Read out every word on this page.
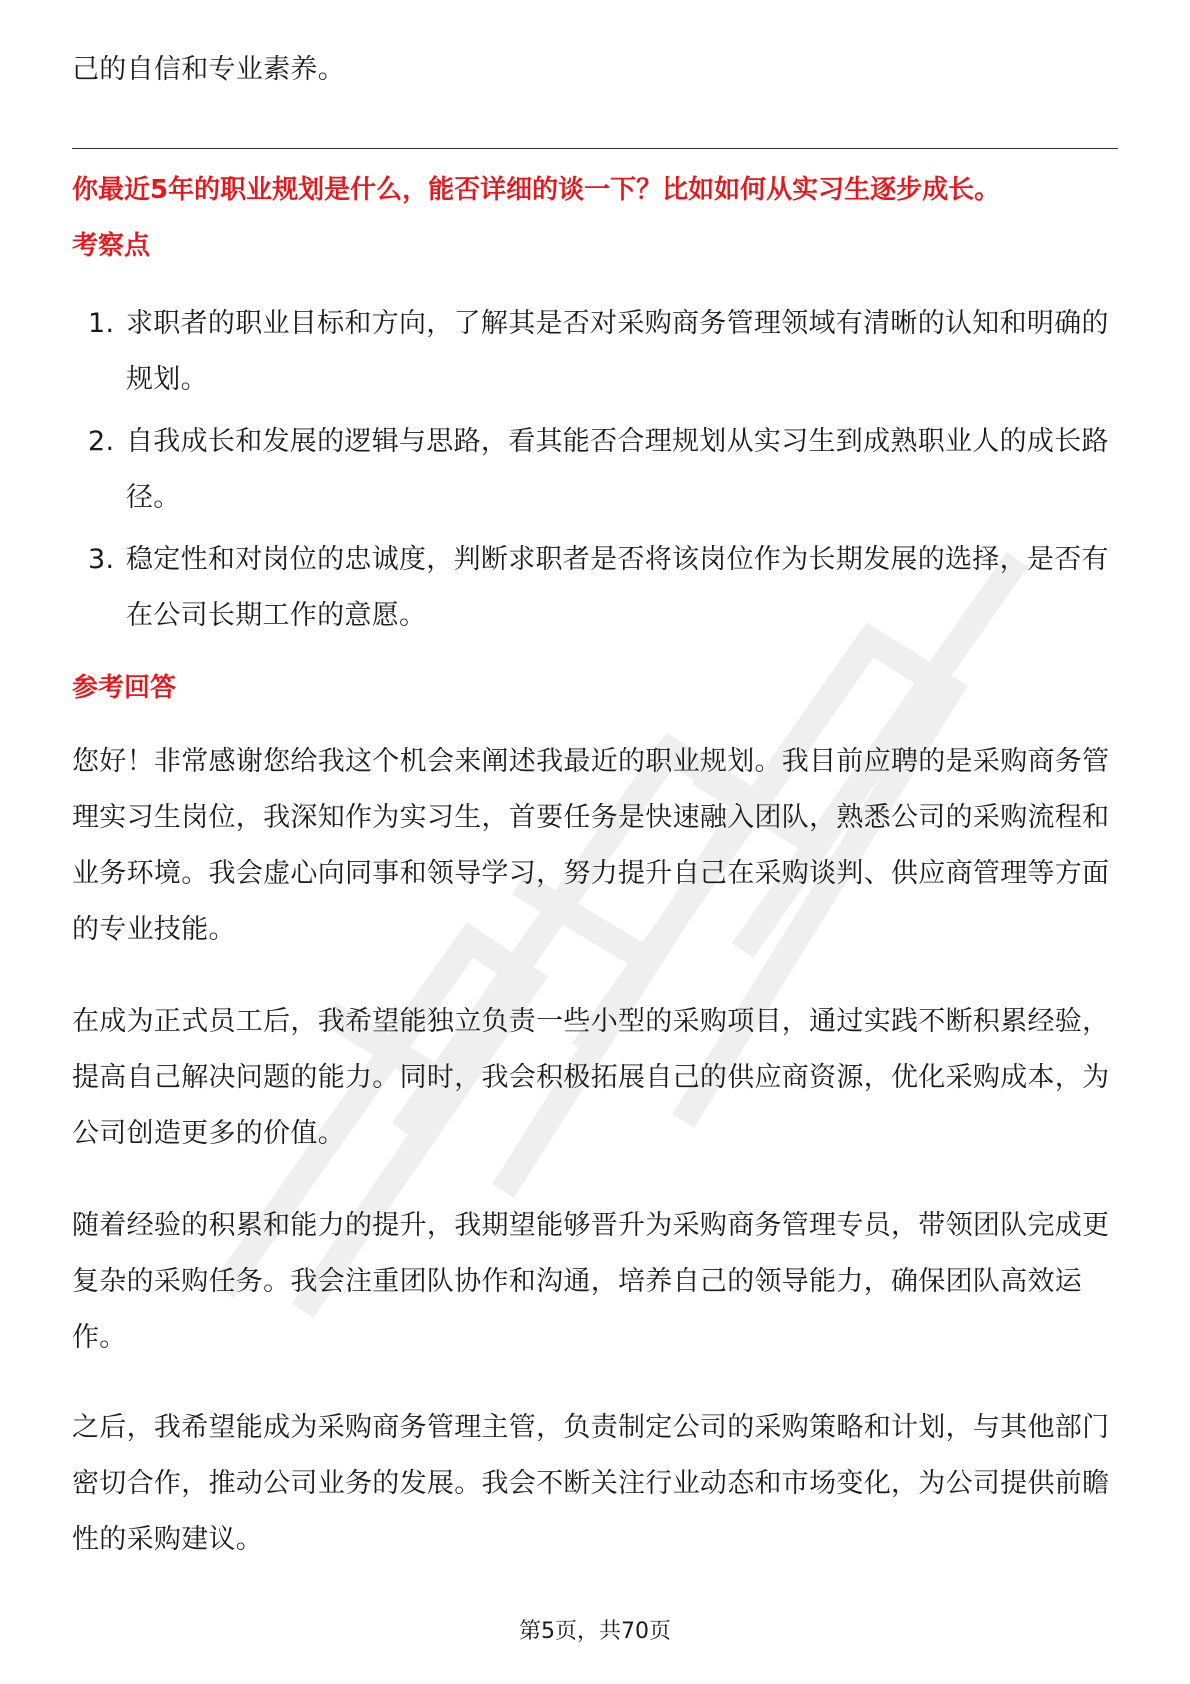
己的自信和专业素养。

你最近5年的职业规划是什么，能否详细的谈一下？比如如何从实习生逐步成长。

考察点

1. 求职者的职业目标和方向，了解其是否对采购商务管理领域有清晰的认知和明确的规划。
2. 自我成长和发展的逻辑与思路，看其能否合理规划从实习生到成熟职业人的成长路径。
3. 稳定性和对岗位的忠诚度，判断求职者是否将该岗位作为长期发展的选择，是否有在公司长期工作的意愿。

参考回答

您好！非常感谢您给我这个机会来阐述我最近的职业规划。我目前应聘的是采购商务管理实习生岗位，我深知作为实习生，首要任务是快速融入团队，熟悉公司的采购流程和业务环境。我会虚心向同事和领导学习，努力提升自己在采购谈判、供应商管理等方面的专业技能。

在成为正式员工后，我希望能独立负责一些小型的采购项目，通过实践不断积累经验，提高自己解决问题的能力。同时，我会积极拓展自己的供应商资源，优化采购成本，为公司创造更多的价值。

随着经验的积累和能力的提升，我期望能够晋升为采购商务管理专员，带领团队完成更复杂的采购任务。我会注重团队协作和沟通，培养自己的领导能力，确保团队高效运作。

之后，我希望能成为采购商务管理主管，负责制定公司的采购策略和计划，与其他部门密切合作，推动公司业务的发展。我会不断关注行业动态和市场变化，为公司提供前瞻性的采购建议。

第5页，共70页
